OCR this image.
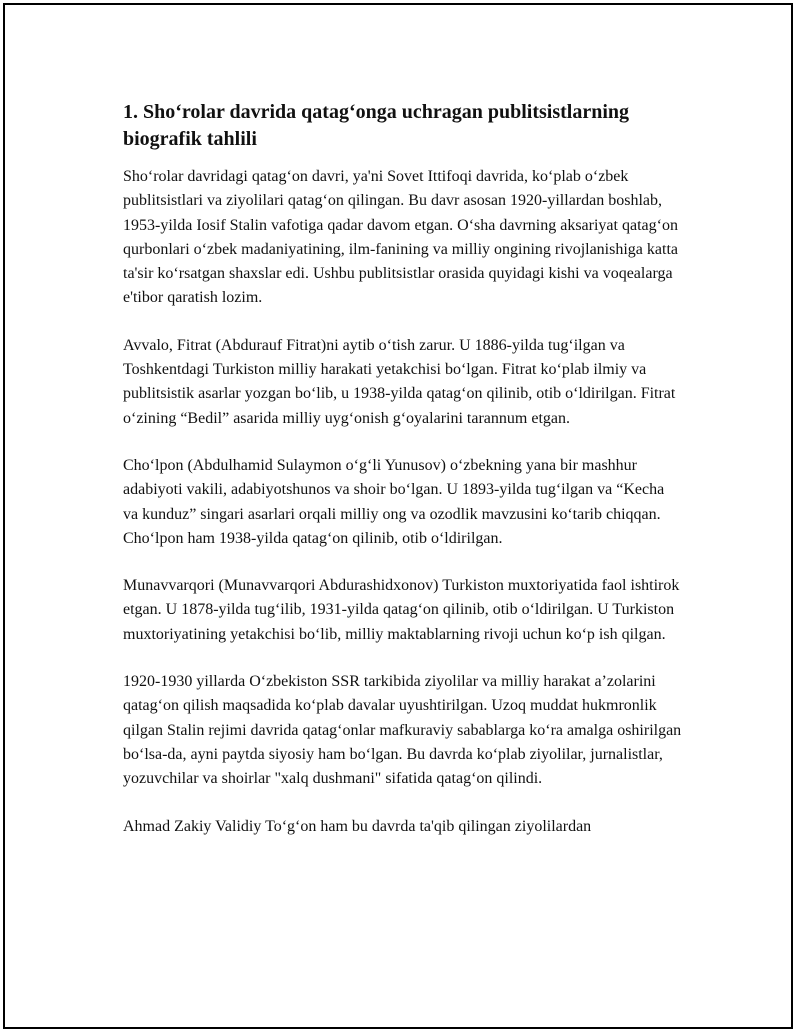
1. Sho‘rolar davrida qatag‘onga uchragan publitsistlarning biografik tahlili

Sho‘rolar davridagi qatag‘on davri, ya'ni Sovet Ittifoqi davrida, ko‘plab o‘zbek publitsistlari va ziyolilari qatag‘on qilingan. Bu davr asosan 1920-yillardan boshlab, 1953-yilda Iosif Stalin vafotiga qadar davom etgan. O‘sha davrning aksariyat qatag‘on qurbonlari o‘zbek madaniyatining, ilm-fanining va milliy ongining rivojlanishiga katta ta'sir ko‘rsatgan shaxslar edi. Ushbu publitsistlar orasida quyidagi kishi va voqealarga e'tibor qaratish lozim.

Avvalo, Fitrat (Abdurauf Fitrat)ni aytib o‘tish zarur. U 1886-yilda tug‘ilgan va Toshkentdagi Turkiston milliy harakati yetakchisi bo‘lgan. Fitrat ko‘plab ilmiy va publitsistik asarlar yozgan bo‘lib, u 1938-yilda qatag‘on qilinib, otib o‘ldirilgan. Fitrat o‘zining “Bedil” asarida milliy uyg‘onish g‘oyalarini tarannum etgan.

Cho‘lpon (Abdulhamid Sulaymon o‘g‘li Yunusov) o‘zbekning yana bir mashhur adabiyoti vakili, adabiyotshunos va shoir bo‘lgan. U 1893-yilda tug‘ilgan va “Kecha va kunduz” singari asarlari orqali milliy ong va ozodlik mavzusini ko‘tarib chiqqan. Cho‘lpon ham 1938-yilda qatag‘on qilinib, otib o‘ldirilgan.

Munavvarqori (Munavvarqori Abdurashidxonov) Turkiston muxtoriyatida faol ishtirok etgan. U 1878-yilda tug‘ilib, 1931-yilda qatag‘on qilinib, otib o‘ldirilgan. U Turkiston muxtoriyatining yetakchisi bo‘lib, milliy maktablarning rivoji uchun ko‘p ish qilgan.

1920-1930 yillarda O‘zbekiston SSR tarkibida ziyolilar va milliy harakat a’zolarini qatag‘on qilish maqsadida ko‘plab davalar uyushtirilgan. Uzoq muddat hukmronlik qilgan Stalin rejimi davrida qatag‘onlar mafkuraviy sabablarga ko‘ra amalga oshirilgan bo‘lsa-da, ayni paytda siyosiy ham bo‘lgan. Bu davrda ko‘plab ziyolilar, jurnalistlar, yozuvchilar va shoirlar "xalq dushmani" sifatida qatag‘on qilindi.

Ahmad Zakiy Validiy To‘g‘on ham bu davrda ta'qib qilingan ziyolilardan
